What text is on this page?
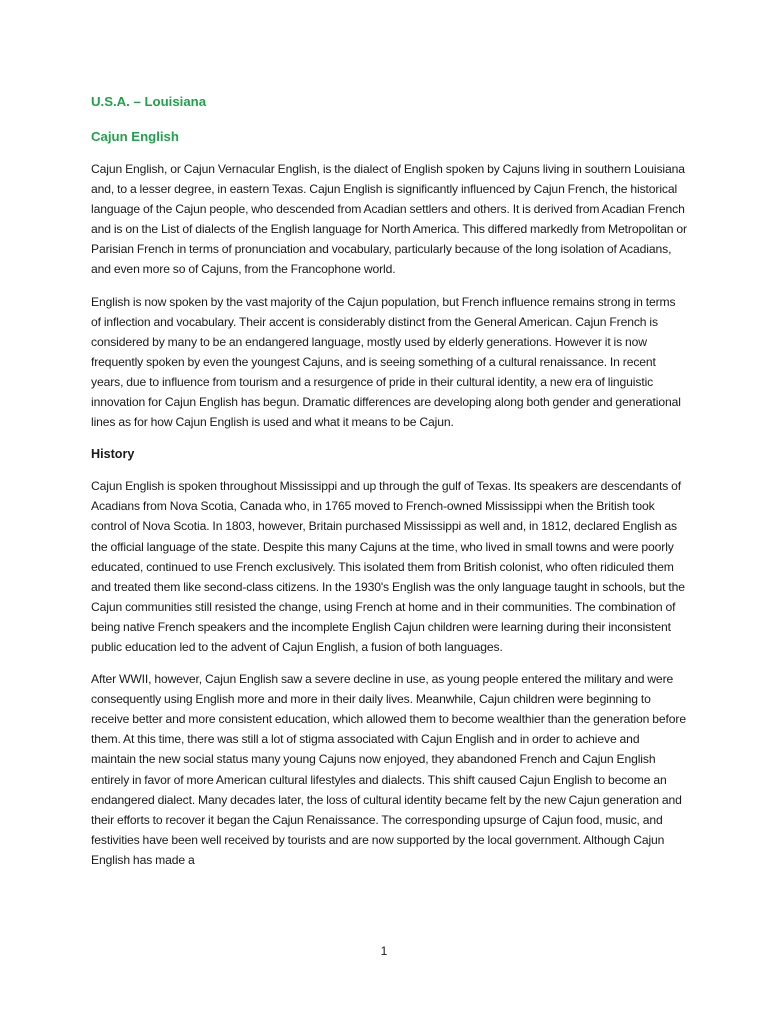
U.S.A. – Louisiana

Cajun English

Cajun English, or Cajun Vernacular English, is the dialect of English spoken by Cajuns living in southern Louisiana and, to a lesser degree, in eastern Texas. Cajun English is significantly influenced by Cajun French, the historical language of the Cajun people, who descended from Acadian settlers and others. It is derived from Acadian French and is on the List of dialects of the English language for North America. This differed markedly from Metropolitan or Parisian French in terms of pronunciation and vocabulary, particularly because of the long isolation of Acadians, and even more so of Cajuns, from the Francophone world.

English is now spoken by the vast majority of the Cajun population, but French influence remains strong in terms of inflection and vocabulary. Their accent is considerably distinct from the General American. Cajun French is considered by many to be an endangered language, mostly used by elderly generations. However it is now frequently spoken by even the youngest Cajuns, and is seeing something of a cultural renaissance. In recent years, due to influence from tourism and a resurgence of pride in their cultural identity, a new era of linguistic innovation for Cajun English has begun. Dramatic differences are developing along both gender and generational lines as for how Cajun English is used and what it means to be Cajun.

History

Cajun English is spoken throughout Mississippi and up through the gulf of Texas. Its speakers are descendants of Acadians from Nova Scotia, Canada who, in 1765 moved to French-owned Mississippi when the British took control of Nova Scotia. In 1803, however, Britain purchased Mississippi as well and, in 1812, declared English as the official language of the state. Despite this many Cajuns at the time, who lived in small towns and were poorly educated, continued to use French exclusively. This isolated them from British colonist, who often ridiculed them and treated them like second-class citizens. In the 1930's English was the only language taught in schools, but the Cajun communities still resisted the change, using French at home and in their communities. The combination of being native French speakers and the incomplete English Cajun children were learning during their inconsistent public education led to the advent of Cajun English, a fusion of both languages.

After WWII, however, Cajun English saw a severe decline in use, as young people entered the military and were consequently using English more and more in their daily lives. Meanwhile, Cajun children were beginning to receive better and more consistent education, which allowed them to become wealthier than the generation before them. At this time, there was still a lot of stigma associated with Cajun English and in order to achieve and maintain the new social status many young Cajuns now enjoyed, they abandoned French and Cajun English entirely in favor of more American cultural lifestyles and dialects. This shift caused Cajun English to become an endangered dialect. Many decades later, the loss of cultural identity became felt by the new Cajun generation and their efforts to recover it began the Cajun Renaissance. The corresponding upsurge of Cajun food, music, and festivities have been well received by tourists and are now supported by the local government. Although Cajun English has made a

1
